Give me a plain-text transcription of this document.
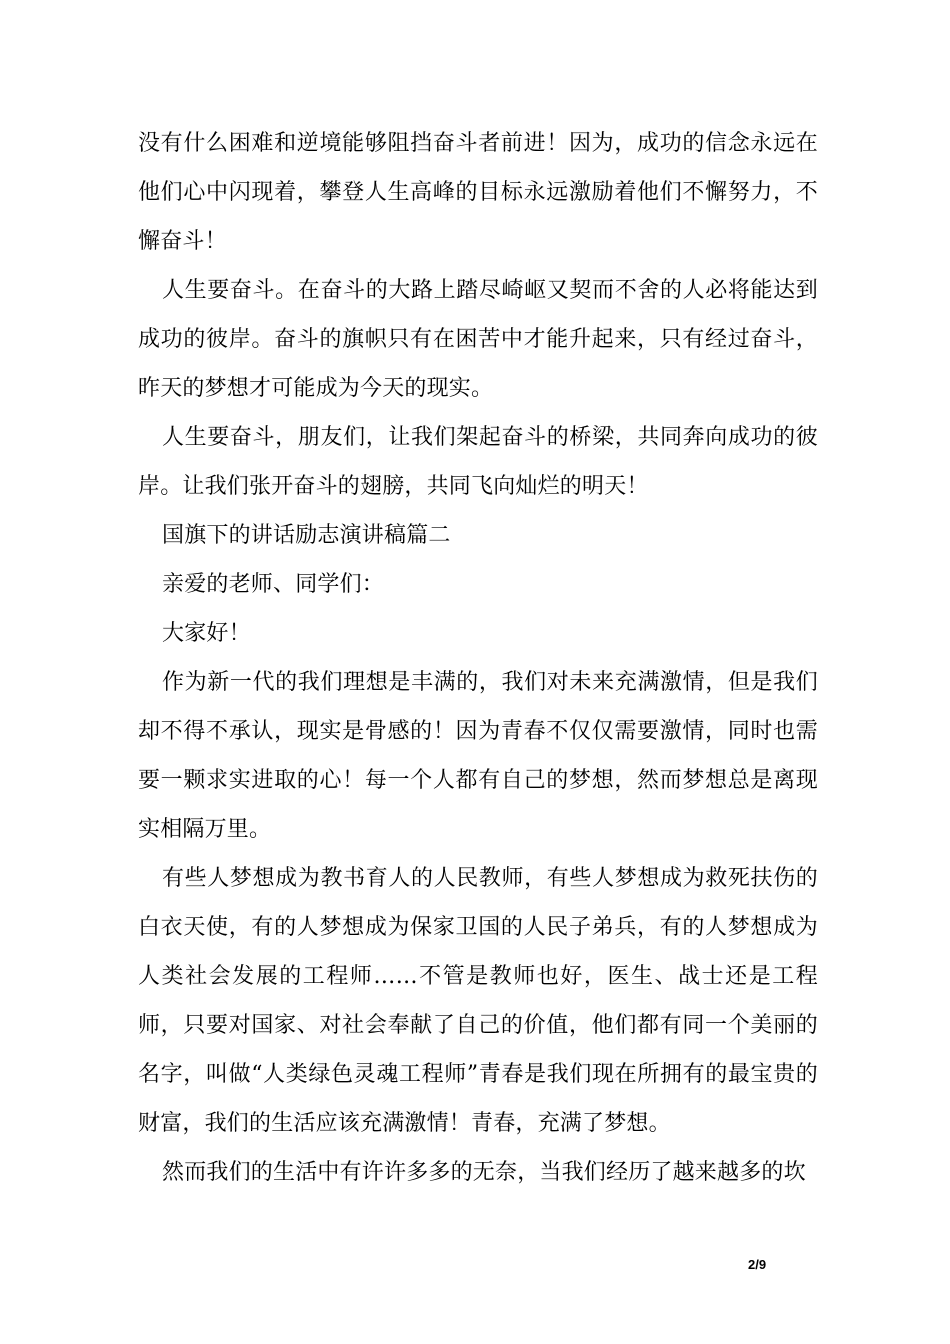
没有什么困难和逆境能够阻挡奋斗者前进！因为，成功的信念永远在他们心中闪现着，攀登人生高峰的目标永远激励着他们不懈努力，不懈奋斗！

人生要奋斗。在奋斗的大路上踏尽崎岖又契而不舍的人必将能达到成功的彼岸。奋斗的旗帜只有在困苦中才能升起来，只有经过奋斗，昨天的梦想才可能成为今天的现实。

人生要奋斗，朋友们，让我们架起奋斗的桥梁，共同奔向成功的彼岸。让我们张开奋斗的翅膀，共同飞向灿烂的明天！

国旗下的讲话励志演讲稿篇二

亲爱的老师、同学们：

大家好！

作为新一代的我们理想是丰满的，我们对未来充满激情，但是我们却不得不承认，现实是骨感的！因为青春不仅仅需要激情，同时也需要一颗求实进取的心！每一个人都有自己的梦想，然而梦想总是离现实相隔万里。

有些人梦想成为教书育人的人民教师，有些人梦想成为救死扶伤的白衣天使，有的人梦想成为保家卫国的人民子弟兵，有的人梦想成为人类社会发展的工程师……不管是教师也好，医生、战士还是工程师，只要对国家、对社会奉献了自己的价值，他们都有同一个美丽的名字，叫做“人类绿色灵魂工程师”青春是我们现在所拥有的最宝贵的财富，我们的生活应该充满激情！青春，充满了梦想。

然而我们的生活中有许许多多的无奈，当我们经历了越来越多的坎

2/9
